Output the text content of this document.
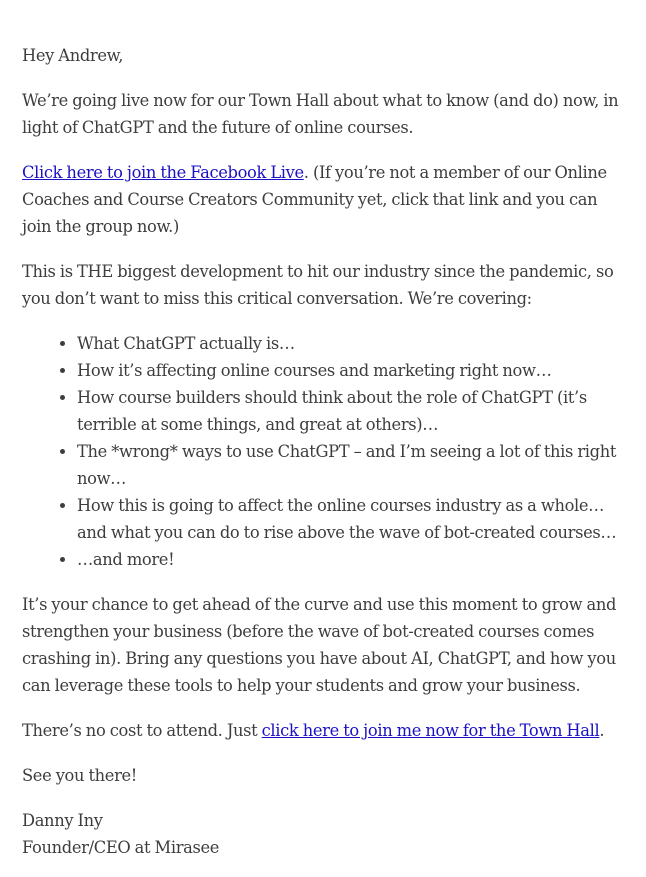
Hey Andrew,

We’re going live now for our Town Hall about what to know (and do) now, in light of ChatGPT and the future of online courses.

Click here to join the Facebook Live. (If you’re not a member of our Online Coaches and Course Creators Community yet, click that link and you can join the group now.)

This is THE biggest development to hit our industry since the pandemic, so you don’t want to miss this critical conversation. We’re covering:

• What ChatGPT actually is…
• How it’s affecting online courses and marketing right now…
• How course builders should think about the role of ChatGPT (it’s terrible at some things, and great at others)…
• The *wrong* ways to use ChatGPT – and I’m seeing a lot of this right now…
• How this is going to affect the online courses industry as a whole… and what you can do to rise above the wave of bot-created courses…
• …and more!

It’s your chance to get ahead of the curve and use this moment to grow and strengthen your business (before the wave of bot-created courses comes crashing in). Bring any questions you have about AI, ChatGPT, and how you can leverage these tools to help your students and grow your business.

There’s no cost to attend. Just click here to join me now for the Town Hall.

See you there!

Danny Iny

Founder/CEO at Mirasee
